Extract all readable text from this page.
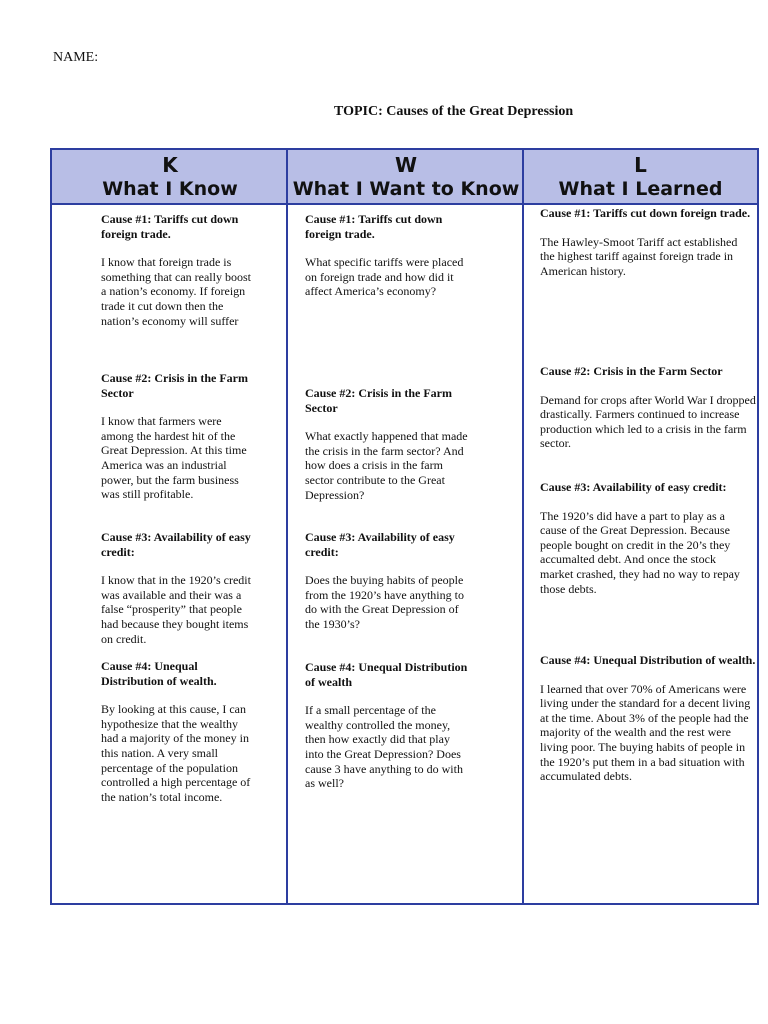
NAME:
TOPIC: Causes of the Great Depression
K
What I Know
W
What I Want to Know
L
What I Learned

Cause #1: Tariffs cut down foreign trade.

I know that foreign trade is something that can really boost a nation’s economy. If foreign trade it cut down then the nation’s economy will suffer

Cause #2: Crisis in the Farm Sector

I know that farmers were among the hardest hit of the Great Depression. At this time America was an industrial power, but the farm business was still profitable.

Cause #3: Availability of easy credit:

I know that in the 1920’s credit was available and their was a false “prosperity” that people had because they bought items on credit.

Cause #4: Unequal Distribution of wealth.

By looking at this cause, I can hypothesize that the wealthy had a majority of the money in this nation. A very small percentage of the population controlled a high percentage of the nation’s total income.

Cause #1: Tariffs cut down foreign trade.

What specific tariffs were placed on foreign trade and how did it affect America’s economy?

Cause #2: Crisis in the Farm Sector

What exactly happened that made the crisis in the farm sector? And how does a crisis in the farm sector contribute to the Great Depression?

Cause #3: Availability of easy credit:

Does the buying habits of people from the 1920’s have anything to do with the Great Depression of the 1930’s?

Cause #4: Unequal Distribution of wealth

If a small percentage of the wealthy controlled the money, then how exactly did that play into the Great Depression? Does cause 3 have anything to do with as well?

Cause #1: Tariffs cut down foreign trade.

The Hawley-Smoot Tariff act established the highest tariff against foreign trade in American history.

Cause #2: Crisis in the Farm Sector

Demand for crops after World War I dropped drastically. Farmers continued to increase production which led to a crisis in the farm sector.

Cause #3: Availability of easy credit:

The 1920’s did have a part to play as a cause of the Great Depression. Because people bought on credit in the 20’s they accumalted debt. And once the stock market crashed, they had no way to repay those debts.

Cause #4: Unequal Distribution of wealth.

I learned that over 70% of Americans were living under the standard for a decent living at the time. About 3% of the people had the majority of the wealth and the rest were living poor. The buying habits of people in the 1920’s put them in a bad situation with accumulated debts.
